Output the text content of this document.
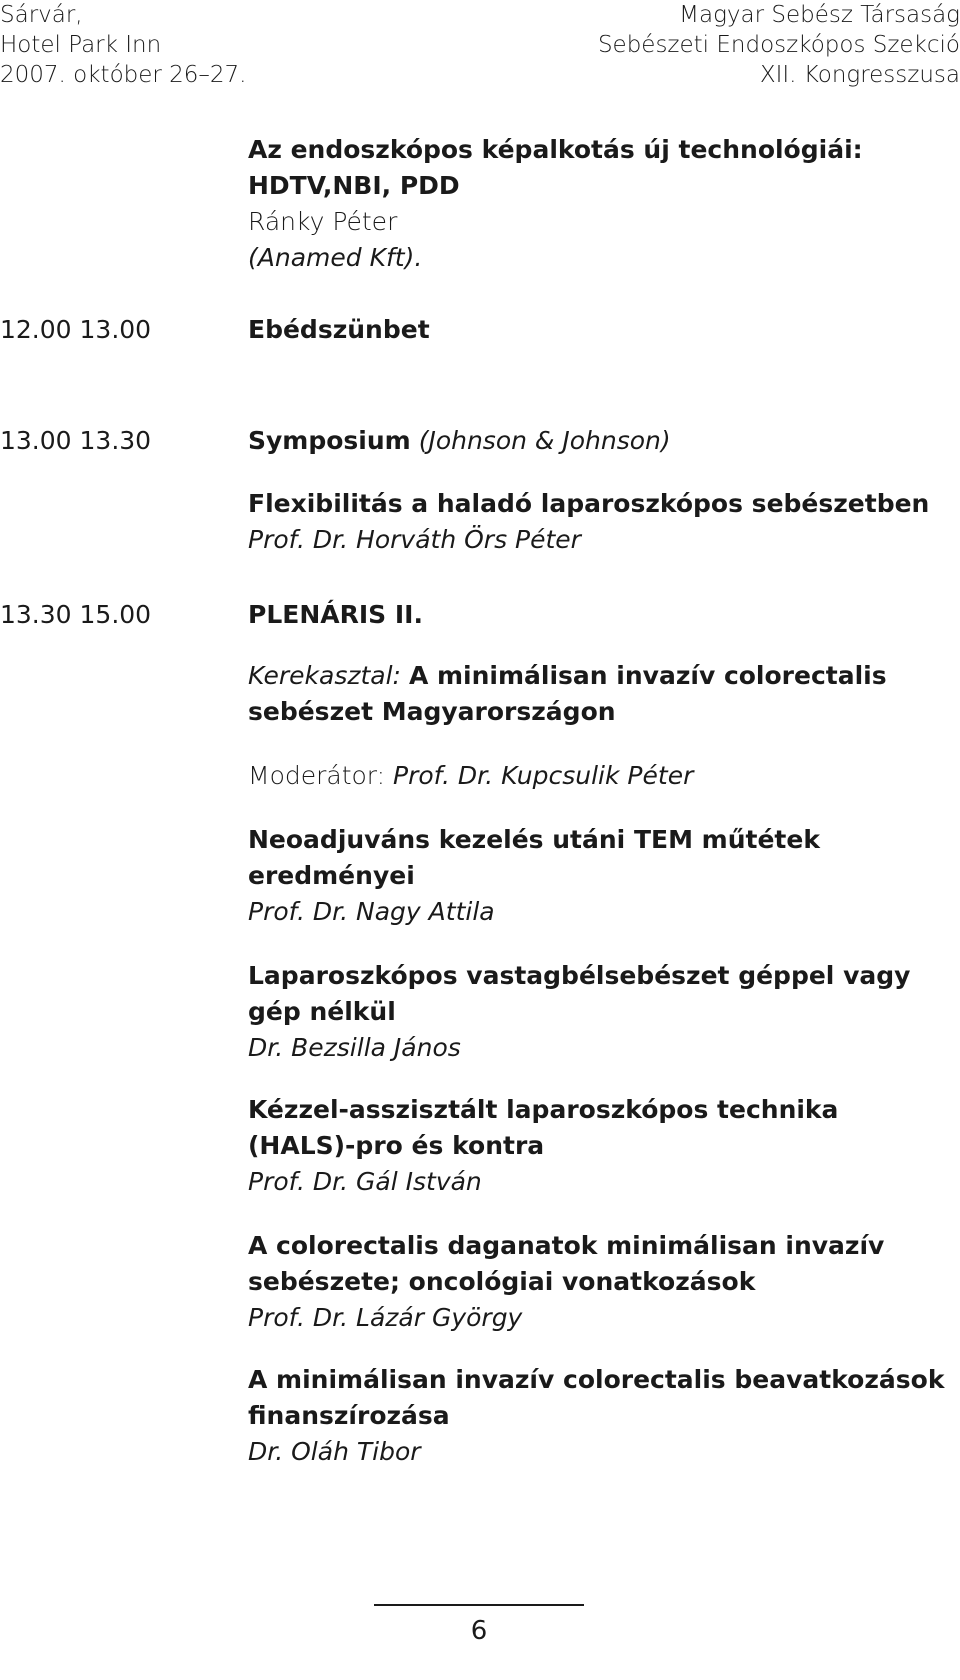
Sárvár,
Hotel Park Inn
2007. október 26–27.
Magyar Sebész Társaság
Sebészeti Endoszkópos Szekció
XII. Kongresszusa
Az endoszkópos képalkotás új technológiái:
HDTV,NBI, PDD
Ránky Péter
(Anamed Kft).
12.00 13.00	Ebédszünbet
13.00 13.30	Symposium (Johnson & Johnson)
Flexibilitás a haladó laparoszkópos sebészetben
Prof. Dr. Horváth Örs Péter
13.30 15.00	PLENÁRIS II.
Kerekasztal: A minimálisan invazív colorectalis
sebészet Magyarországon
Moderátor: Prof. Dr. Kupcsulik Péter
Neoadjuváns kezelés utáni TEM műtétek
eredményei
Prof. Dr. Nagy Attila
Laparoszkópos vastagbélsebészet géppel vagy
gép nélkül
Dr. Bezsilla János
Kézzel-asszisztált laparoszkópos technika
(HALS)-pro és kontra
Prof. Dr. Gál István
A colorectalis daganatok minimálisan invazív
sebészete; oncológiai vonatkozások
Prof. Dr. Lázár György
A minimálisan invazív colorectalis beavatkozások
finanszírozása
Dr. Oláh Tibor
6
